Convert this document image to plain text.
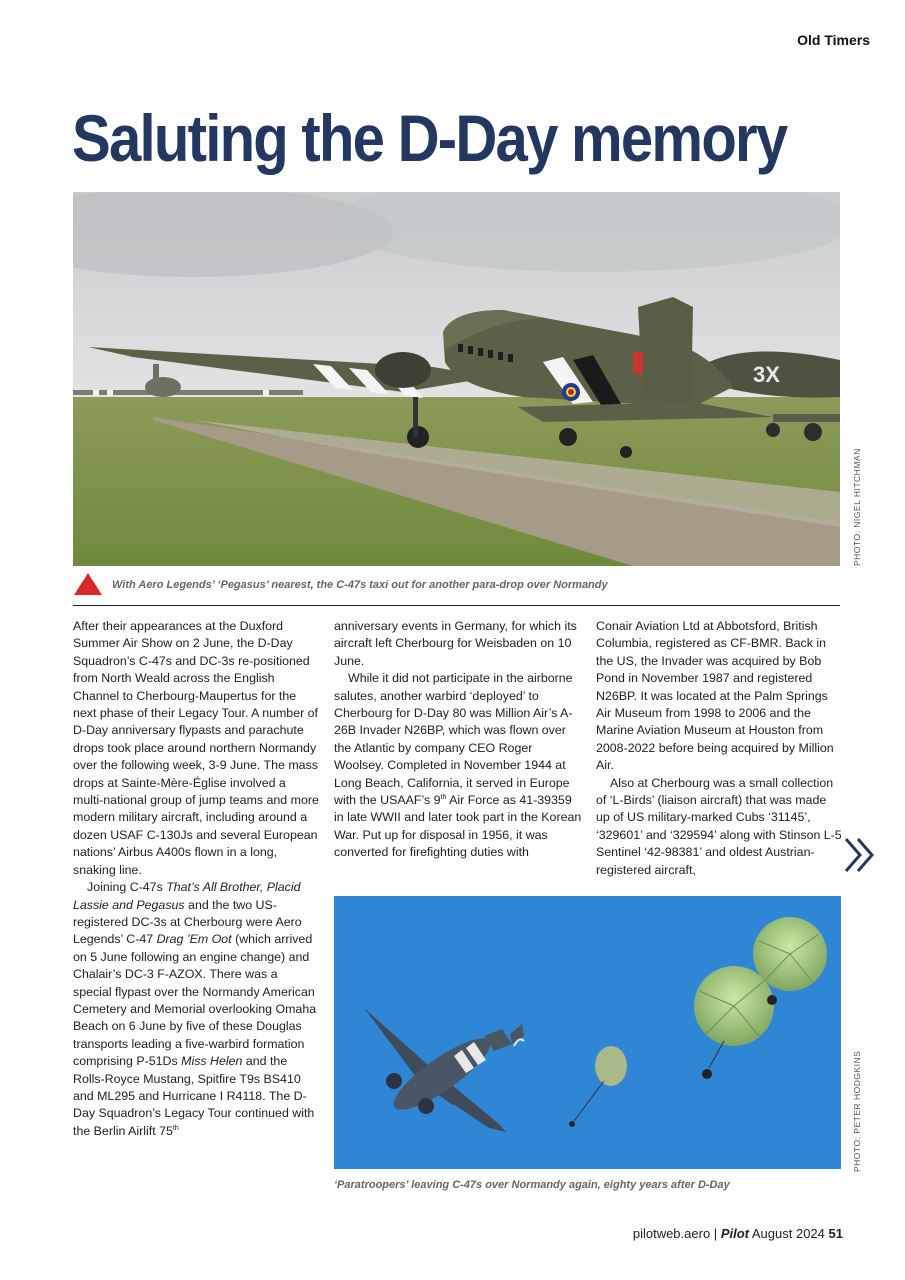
Old Timers
Saluting the D-Day memory
3X
PHOTO: NIGEL HITCHMAN
With Aero Legends’ ‘Pegasus’ nearest, the C-47s taxi out for another para-drop over Normandy

After their appearances at the Duxford Summer Air Show on 2 June, the D-Day Squadron’s C-47s and DC-3s re-positioned from North Weald across the English Channel to Cherbourg-Maupertus for the next phase of their Legacy Tour. A number of D-Day anniversary flypasts and parachute drops took place around northern Normandy over the following week, 3-9 June. The mass drops at Sainte-Mère-Église involved a multi-national group of jump teams and more modern military aircraft, including around a dozen USAF C-130Js and several European nations’ Airbus A400s flown in a long, snaking line.

Joining C-47s That’s All Brother, Placid Lassie and Pegasus and the two US-registered DC-3s at Cherbourg were Aero Legends’ C-47 Drag ’Em Oot (which arrived on 5 June following an engine change) and Chalair’s DC-3 F-AZOX. There was a special flypast over the Normandy American Cemetery and Memorial overlooking Omaha Beach on 6 June by five of these Douglas transports leading a five-warbird formation comprising P-51Ds Miss Helen and the Rolls-Royce Mustang, Spitfire T9s BS410 and ML295 and Hurricane I R4118. The D-Day Squadron’s Legacy Tour continued with the Berlin Airlift 75th

anniversary events in Germany, for which its aircraft left Cherbourg for Weisbaden on 10 June.

While it did not participate in the airborne salutes, another warbird ‘deployed’ to Cherbourg for D-Day 80 was Million Air’s A-26B Invader N26BP, which was flown over the Atlantic by company CEO Roger Woolsey. Completed in November 1944 at Long Beach, California, it served in Europe with the USAAF’s 9th Air Force as 41-39359 in late WWII and later took part in the Korean War. Put up for disposal in 1956, it was converted for firefighting duties with

Conair Aviation Ltd at Abbotsford, British Columbia, registered as CF-BMR. Back in the US, the Invader was acquired by Bob Pond in November 1987 and registered N26BP. It was located at the Palm Springs Air Museum from 1998 to 2006 and the Marine Aviation Museum at Houston from 2008-2022 before being acquired by Million Air.

Also at Cherbourg was a small collection of ‘L-Birds’ (liaison aircraft) that was made up of US military-marked Cubs ‘31145’, ‘329601’ and ‘329594’ along with Stinson L-5 Sentinel ‘42-98381’ and oldest Austrian-registered aircraft,

PHOTO: PETER HODGKINS
‘Paratroopers’ leaving C-47s over Normandy again, eighty years after D-Day
pilotweb.aero | Pilot August 2024 51
